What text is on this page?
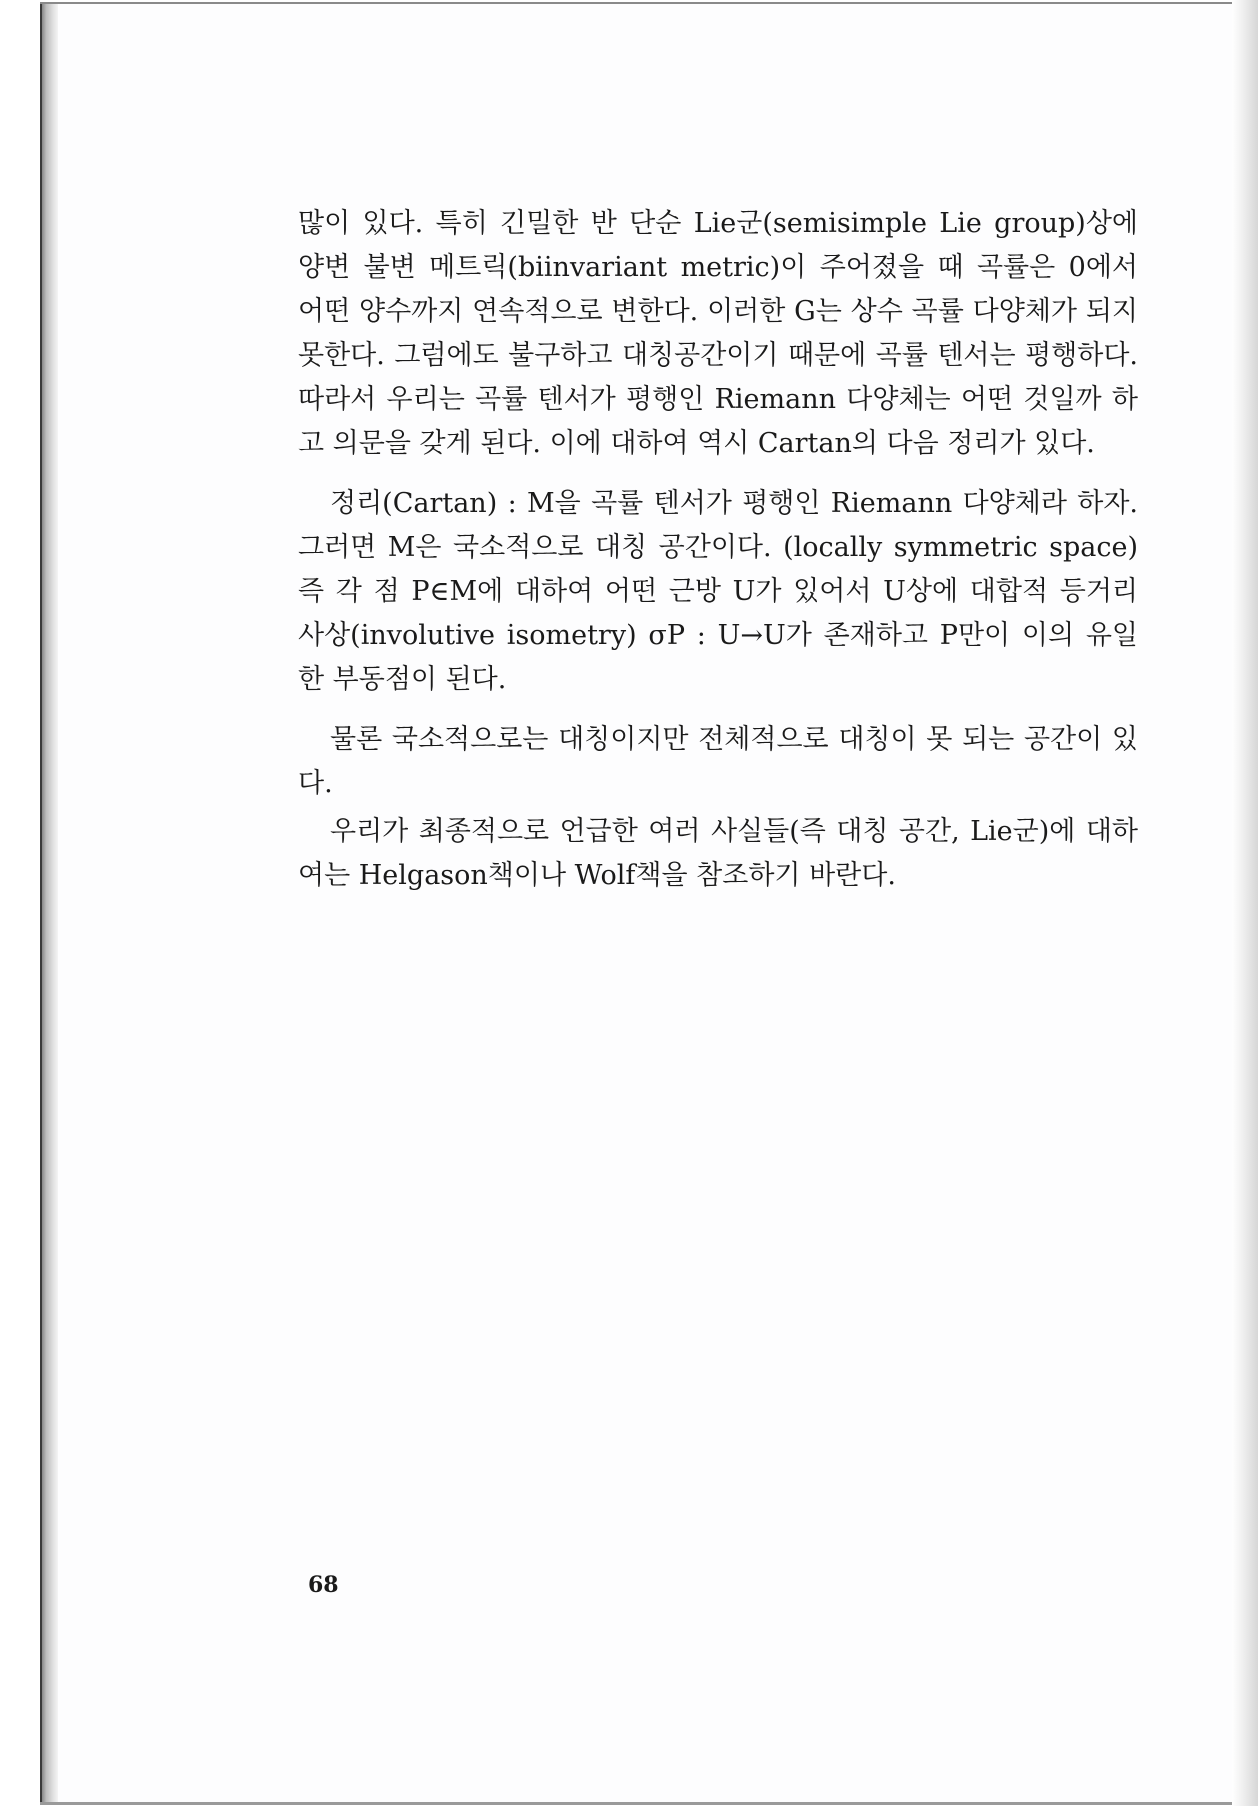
많이 있다. 특히 긴밀한 반 단순 Lie군(semisimple Lie group)상에 양변 불변 메트릭(biinvariant metric)이 주어졌을 때 곡률은 0에서 어떤 양수까지 연속적으로 변한다. 이러한 G는 상수 곡률 다양체가 되지 못한다. 그럼에도 불구하고 대칭공간이기 때문에 곡률 텐서는 평행하다. 따라서 우리는 곡률 텐서가 평행인 Riemann 다양체는 어떤 것일까 하고 의문을 갖게 된다. 이에 대하여 역시 Cartan의 다음 정리가 있다.

정리(Cartan) : M을 곡률 텐서가 평행인 Riemann 다양체라 하자. 그러면 M은 국소적으로 대칭 공간이다. (locally symmetric space) 즉 각 점 P∈M에 대하여 어떤 근방 U가 있어서 U상에 대합적 등거리 사상(involutive isometry) σP : U→U가 존재하고 P만이 이의 유일한 부동점이 된다.

물론 국소적으로는 대칭이지만 전체적으로 대칭이 못 되는 공간이 있다.

우리가 최종적으로 언급한 여러 사실들(즉 대칭 공간, Lie군)에 대하여는 Helgason책이나 Wolf책을 참조하기 바란다.

68
